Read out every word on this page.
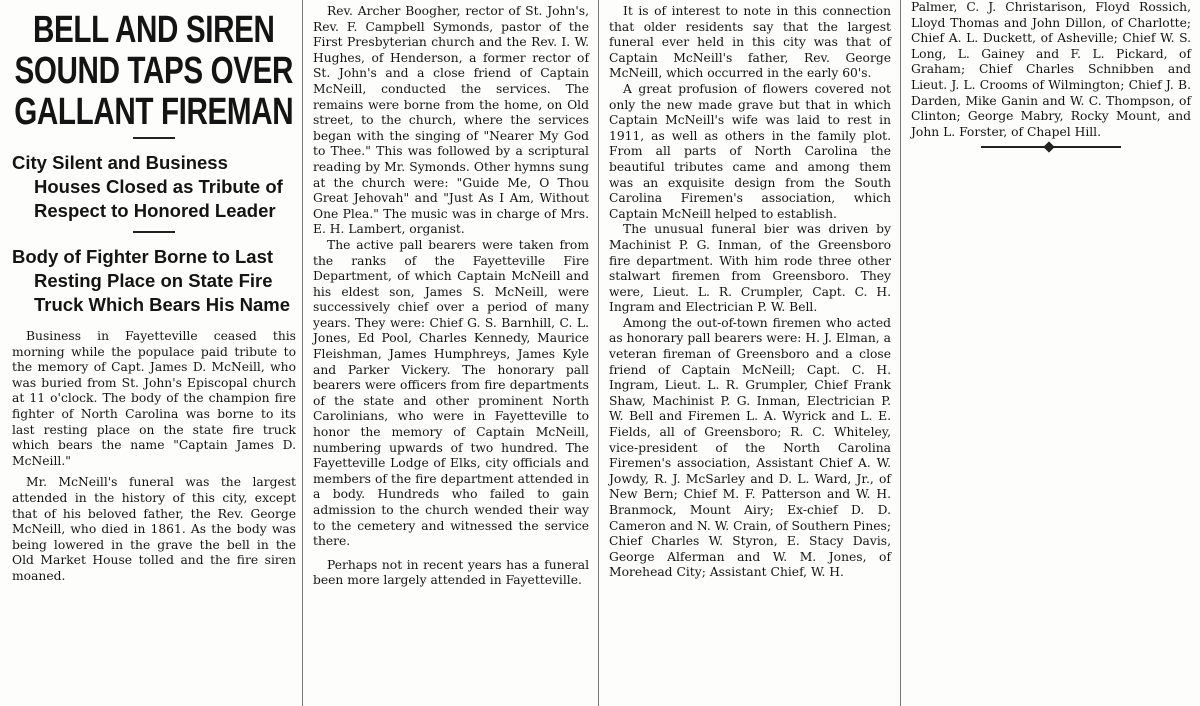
BELL AND SIREN SOUND TAPS OVER GALLANT FIREMAN

City Silent and Business Houses Closed as Tribute of Respect to Honored Leader

Body of Fighter Borne to Last Resting Place on State Fire Truck Which Bears His Name

Business in Fayetteville ceased this morning while the populace paid tribute to the memory of Capt. James D. McNeill, who was buried from St. John's Episcopal church at 11 o'clock. The body of the champion fire fighter of North Carolina was borne to its last resting place on the state fire truck which bears the name "Captain James D. McNeill."

Mr. McNeill's funeral was the largest attended in the history of this city, except that of his beloved father, the Rev. George McNeill, who died in 1861. As the body was being lowered in the grave the bell in the Old Market House tolled and the fire siren moaned.

Rev. Archer Boogher, rector of St. John's, Rev. F. Campbell Symonds, pastor of the First Presbyterian church and the Rev. I. W. Hughes, of Henderson, a former rector of St. John's and a close friend of Captain McNeill, conducted the services. The remains were borne from the home, on Old street, to the church, where the services began with the singing of "Nearer My God to Thee." This was followed by a scriptural reading by Mr. Symonds. Other hymns sung at the church were: "Guide Me, O Thou Great Jehovah" and "Just As I Am, Without One Plea." The music was in charge of Mrs. E. H. Lambert, organist.

The active pall bearers were taken from the ranks of the Fayetteville Fire Department, of which Captain McNeill and his eldest son, James S. McNeill, were successively chief over a period of many years. They were: Chief G. S. Barnhill, C. L. Jones, Ed Pool, Charles Kennedy, Maurice Fleishman, James Humphreys, James Kyle and Parker Vickery. The honorary pall bearers were officers from fire departments of the state and other prominent North Carolinians, who were in Fayetteville to honor the memory of Captain McNeill, numbering upwards of two hundred. The Fayetteville Lodge of Elks, city officials and members of the fire department attended in a body. Hundreds who failed to gain admission to the church wended their way to the cemetery and witnessed the service there.

Perhaps not in recent years has a funeral been more largely attended in Fayetteville.

It is of interest to note in this connection that older residents say that the largest funeral ever held in this city was that of Captain McNeill's father, Rev. George McNeill, which occurred in the early 60's.

A great profusion of flowers covered not only the new made grave but that in which Captain McNeill's wife was laid to rest in 1911, as well as others in the family plot. From all parts of North Carolina the beautiful tributes came and among them was an exquisite design from the South Carolina Firemen's association, which Captain McNeill helped to establish.

The unusual funeral bier was driven by Machinist P. G. Inman, of the Greensboro fire department. With him rode three other stalwart firemen from Greensboro. They were, Lieut. L. R. Crumpler, Capt. C. H. Ingram and Electrician P. W. Bell.

Among the out-of-town firemen who acted as honorary pall bearers were: H. J. Elman, a veteran fireman of Greensboro and a close friend of Captain McNeill; Capt. C. H. Ingram, Lieut. L. R. Grumpler, Chief Frank Shaw, Machinist P. G. Inman, Electrician P. W. Bell and Firemen L. A. Wyrick and L. E. Fields, all of Greensboro; R. C. Whiteley, vice-president of the North Carolina Firemen's association, Assistant Chief A. W. Jowdy, R. J. McSarley and D. L. Ward, Jr., of New Bern; Chief M. F. Patterson and W. H. Branmock, Mount Airy; Ex-chief D. D. Cameron and N. W. Crain, of Southern Pines; Chief Charles W. Styron, E. Stacy Davis, George Alferman and W. M. Jones, of Morehead City; Assistant Chief, W. H.

Palmer, C. J. Christarison, Floyd Rossich, Lloyd Thomas and John Dillon, of Charlotte; Chief A. L. Duckett, of Asheville; Chief W. S. Long, L. Gainey and F. L. Pickard, of Graham; Chief Charles Schnibben and Lieut. J. L. Crooms of Wilmington; Chief J. B. Darden, Mike Ganin and W. C. Thompson, of Clinton; George Mabry, Rocky Mount, and John L. Forster, of Chapel Hill.
